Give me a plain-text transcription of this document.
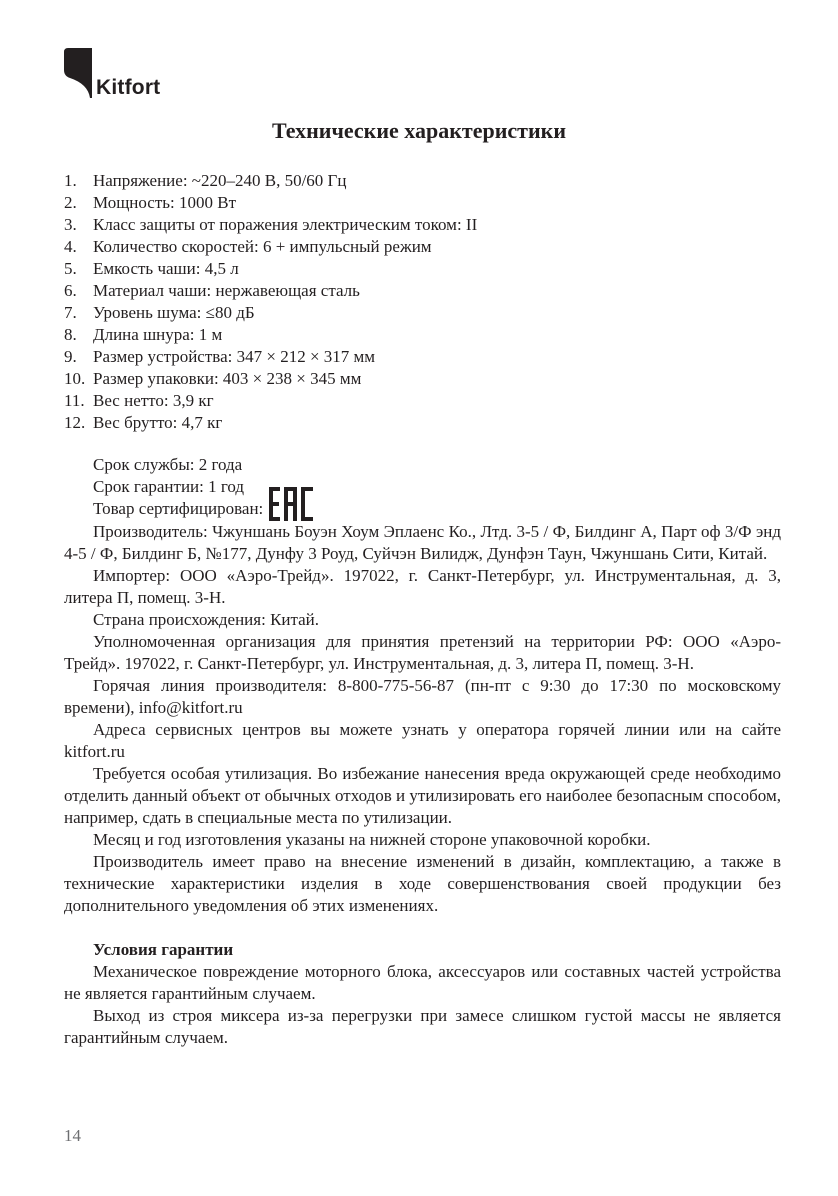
Kitfort
Технические характеристики
1. Напряжение: ~220–240 В, 50/60 Гц
2. Мощность: 1000 Вт
3. Класс защиты от поражения электрическим током: II
4. Количество скоростей: 6 + импульсный режим
5. Емкость чаши: 4,5 л
6. Материал чаши: нержавеющая сталь
7. Уровень шума: ≤80 дБ
8. Длина шнура: 1 м
9. Размер устройства: 347 × 212 × 317 мм
10. Размер упаковки: 403 × 238 × 345 мм
11. Вес нетто: 3,9 кг
12. Вес брутто: 4,7 кг

Срок службы: 2 года

Срок гарантии: 1 год

Товар сертифицирован:

Производитель: Чжуншань Боуэн Хоум Эплаенс Ко., Лтд. 3-5 / Ф, Билдинг А, Парт оф 3/Ф энд 4-5 / Ф, Билдинг Б, №177, Дунфу 3 Роуд, Суйчэн Вилидж, Дунфэн Таун, Чжуншань Сити, Китай.

Импортер: ООО «Аэро-Трейд». 197022, г. Санкт-Петербург, ул. Инструментальная, д. 3, литера П, помещ. 3-Н.

Страна происхождения: Китай.

Уполномоченная организация для принятия претензий на территории РФ: ООО «Аэро-Трейд». 197022, г. Санкт-Петербург, ул. Инструментальная, д. 3, литера П, помещ. 3-Н.

Горячая линия производителя: 8-800-775-56-87 (пн-пт с 9:30 до 17:30 по московскому времени), info@kitfort.ru

Адреса сервисных центров вы можете узнать у оператора горячей линии или на сайте kitfort.ru

Требуется особая утилизация. Во избежание нанесения вреда окружающей среде необходимо отделить данный объект от обычных отходов и утилизировать его наиболее безопасным способом, например, сдать в специальные места по утилизации.

Месяц и год изготовления указаны на нижней стороне упаковочной коробки.

Производитель имеет право на внесение изменений в дизайн, комплектацию, а также в технические характеристики изделия в ходе совершенствования своей продукции без дополнительного уведомления об этих изменениях.

Условия гарантии

Механическое повреждение моторного блока, аксессуаров или составных частей устройства не является гарантийным случаем.

Выход из строя миксера из-за перегрузки при замесе слишком густой массы не является гарантийным случаем.

14
